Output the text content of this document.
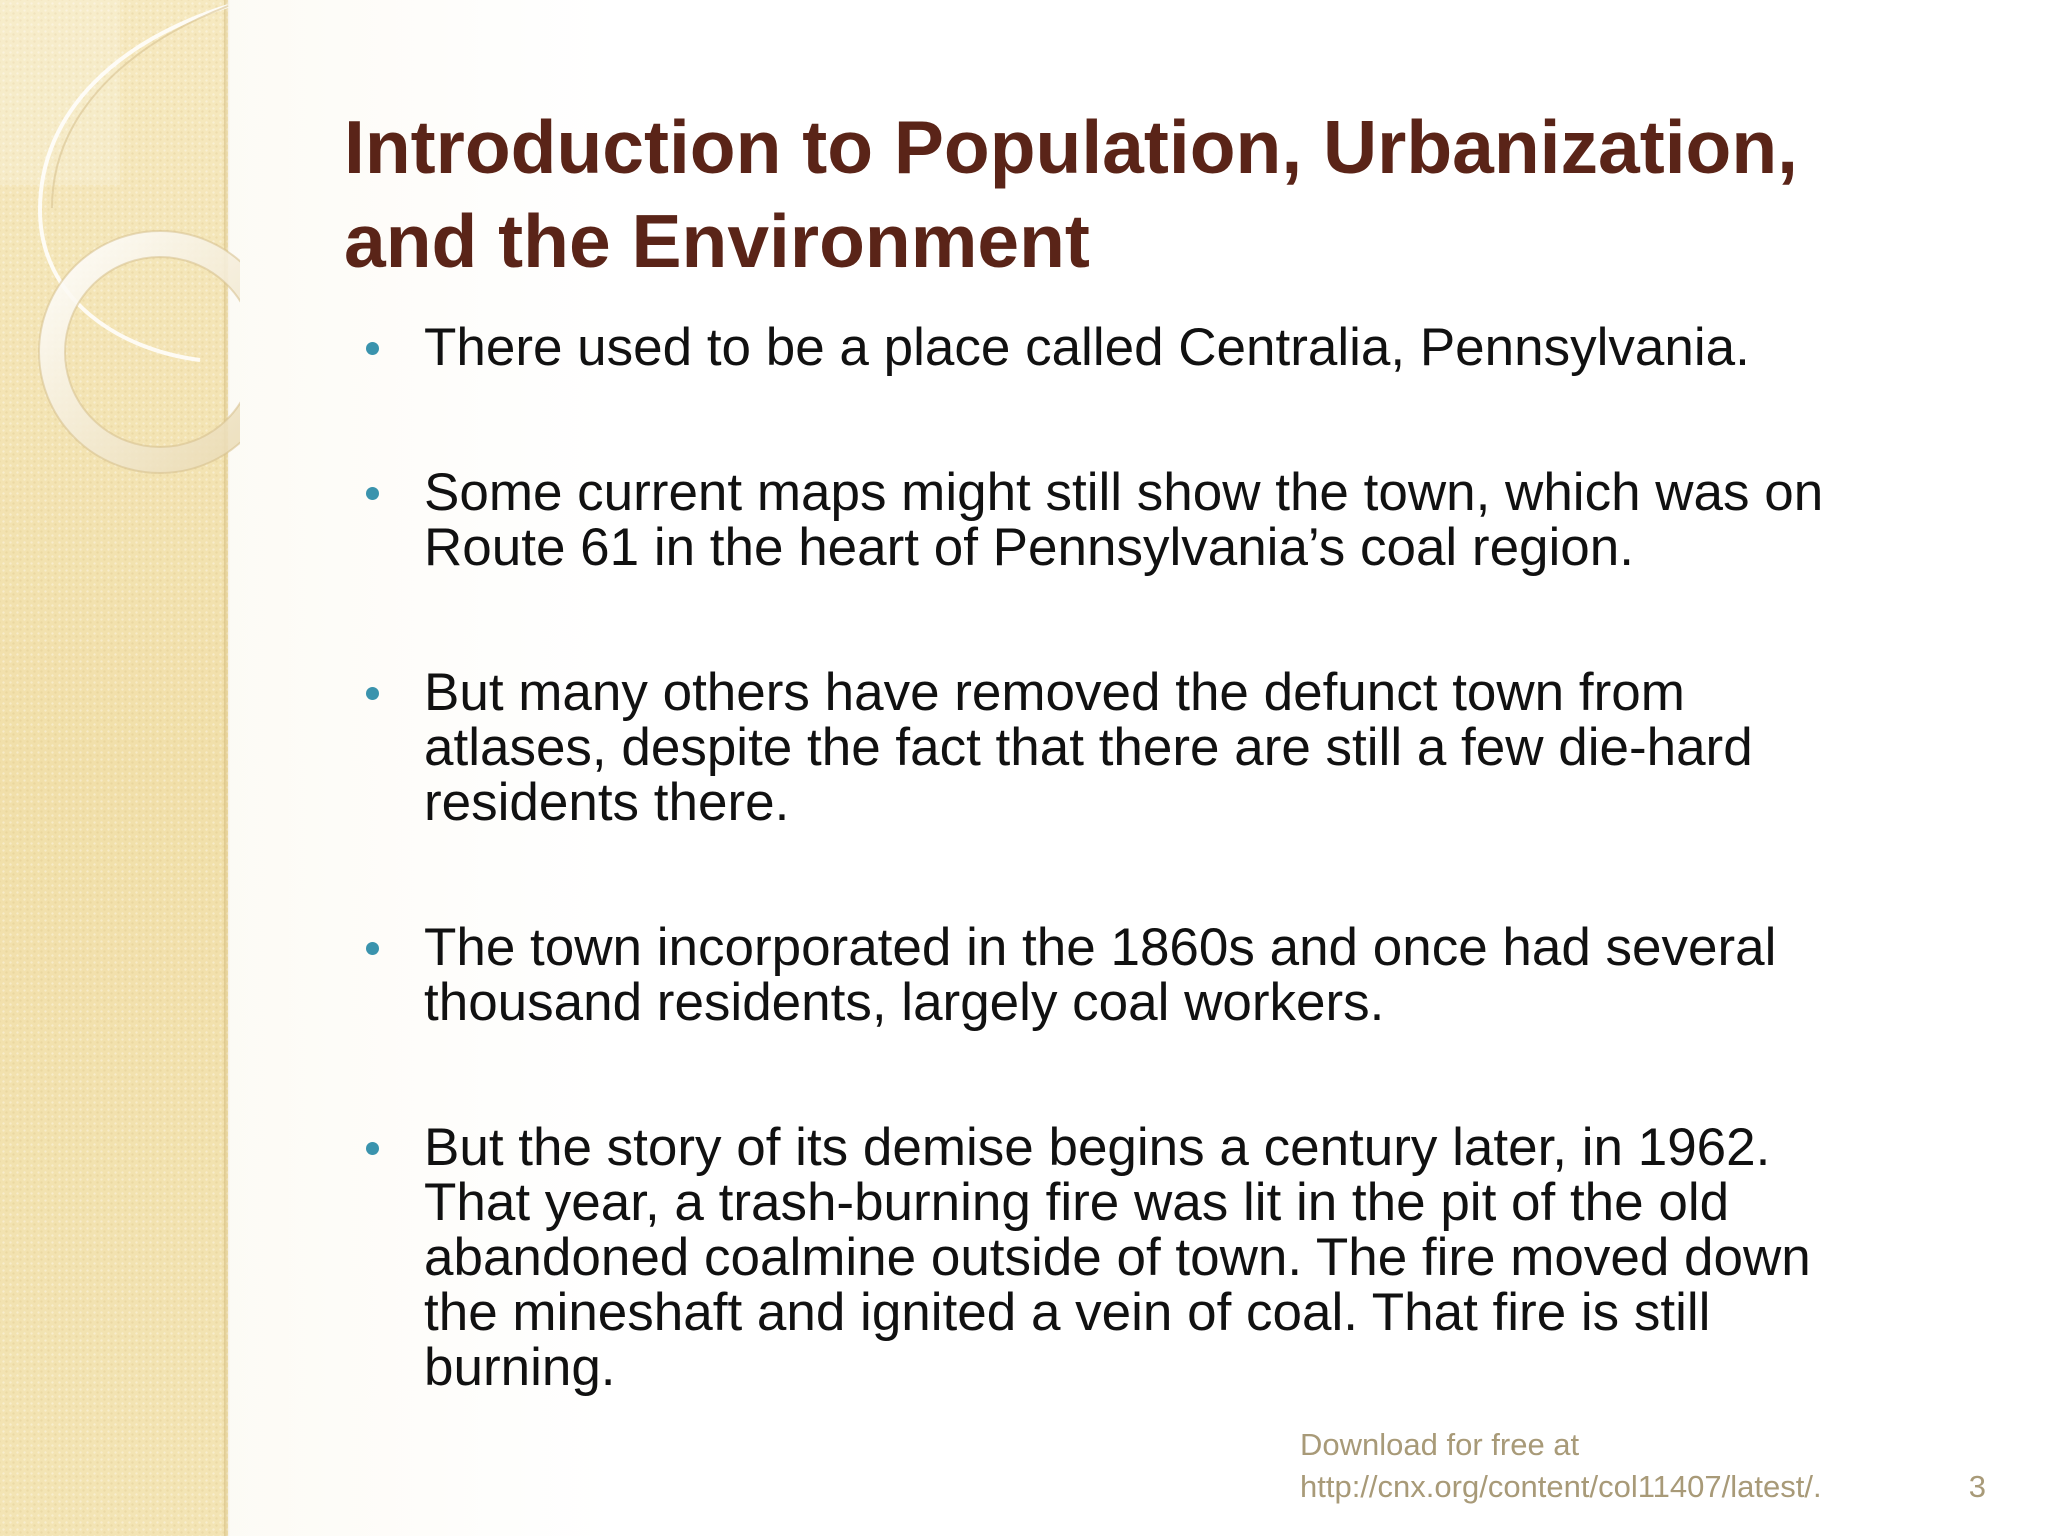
Introduction to Population, Urbanization,
and the Environment
There used to be a place called Centralia, Pennsylvania.
Some current maps might still show the town, which was on
Route 61 in the heart of Pennsylvania’s coal region.
But many others have removed the defunct town from
atlases, despite the fact that there are still a few die-hard
residents there.
The town incorporated in the 1860s and once had several
thousand residents, largely coal workers.
But the story of its demise begins a century later, in 1962.
That year, a trash-burning fire was lit in the pit of the old
abandoned coalmine outside of town. The fire moved down
the mineshaft and ignited a vein of coal. That fire is still
burning.
Download for free at
http://cnx.org/content/col11407/latest/.	3
